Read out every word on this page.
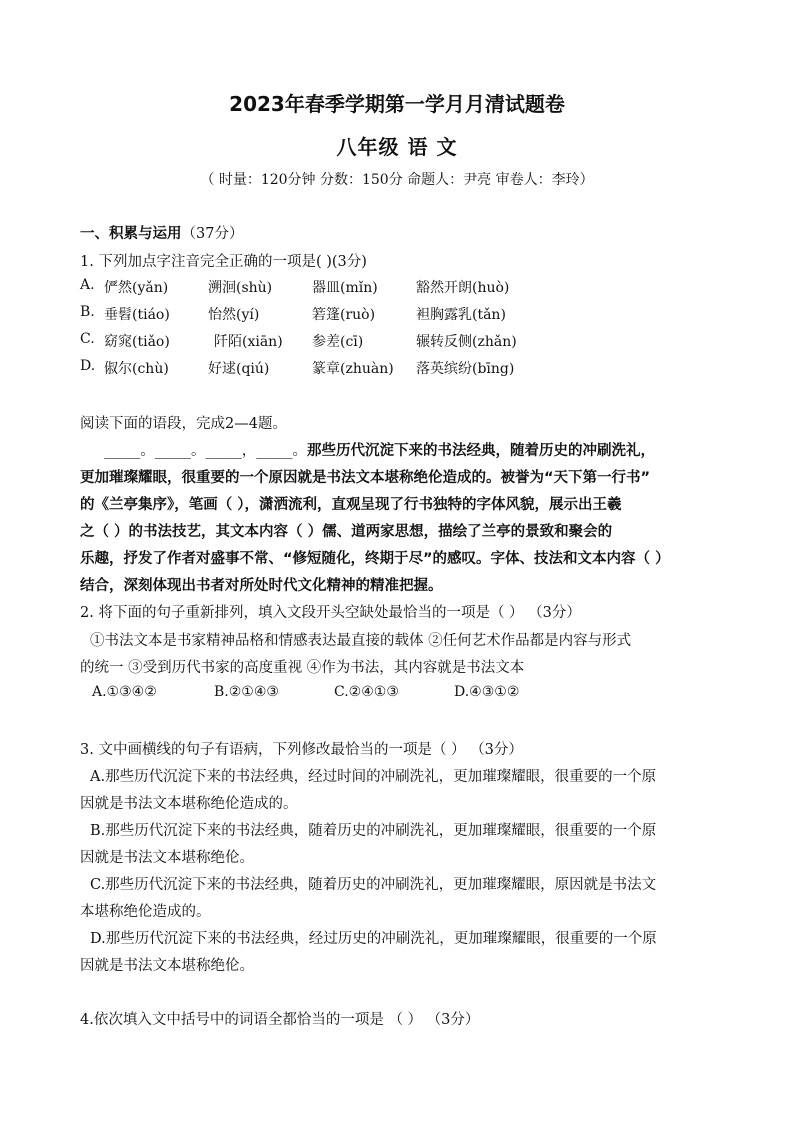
2023年春季学期第一学月月清试题卷
八年级 语 文
（ 时量：120分钟 分数：150分 命题人：尹亮 审卷人：李玲）
一、积累与运用（37分）
1. 下列加点字注音完全正确的一项是( )(3分)
A. 俨然(yǎn)	溯洄(shù)	器皿(mǐn)	豁然开朗(huò)
B. 垂髫(tiáo)	怡然(yí)	箬篷(ruò)	袒胸露乳(tǎn)
C. 窈窕(tiǎo)	阡陌(xiān) 参差(cī)	辗转反侧(zhǎn)
D. 俶尔(chù)	好逑(qiú)	篆章(zhuàn) 落英缤纷(bīng)
阅读下面的语段，完成2—4题。
_____。_____。_____，_____。那些历代沉淀下来的书法经典，随着历史的冲刷洗礼，
更加璀璨耀眼，很重要的一个原因就是书法文本堪称绝伦造成的。被誉为“天下第一行书”
的《兰亭集序》，笔画（ ），潇洒流利，直观呈现了行书独特的字体风貌，展示出王羲
之（ ）的书法技艺，其文本内容（ ）儒、道两家思想，描绘了兰亭的景致和聚会的
乐趣，抒发了作者对盛事不常、“修短随化，终期于尽”的感叹。字体、技法和文本内容（ ）
结合，深刻体现出书者对所处时代文化精神的精准把握。
2. 将下面的句子重新排列，填入文段开头空缺处最恰当的一项是（ ） （3分）
①书法文本是书家精神品格和情感表达最直接的载体 ②任何艺术作品都是内容与形式
的统一 ③受到历代书家的高度重视 ④作为书法，其内容就是书法文本
A.①③④②	B.②①④③	C.②④①③	D.④③①②
3. 文中画横线的句子有语病，下列修改最恰当的一项是（ ） （3分）
A.那些历代沉淀下来的书法经典，经过时间的冲刷洗礼，更加璀璨耀眼，很重要的一个原
因就是书法文本堪称绝伦造成的。
B.那些历代沉淀下来的书法经典，随着历史的冲刷洗礼，更加璀璨耀眼，很重要的一个原
因就是书法文本堪称绝伦。
C.那些历代沉淀下来的书法经典，随着历史的冲刷洗礼，更加璀璨耀眼，原因就是书法文
本堪称绝伦造成的。
D.那些历代沉淀下来的书法经典，经过历史的冲刷洗礼，更加璀璨耀眼，很重要的一个原
因就是书法文本堪称绝伦。
4.依次填入文中括号中的词语全都恰当的一项是 （ ） （3分）
